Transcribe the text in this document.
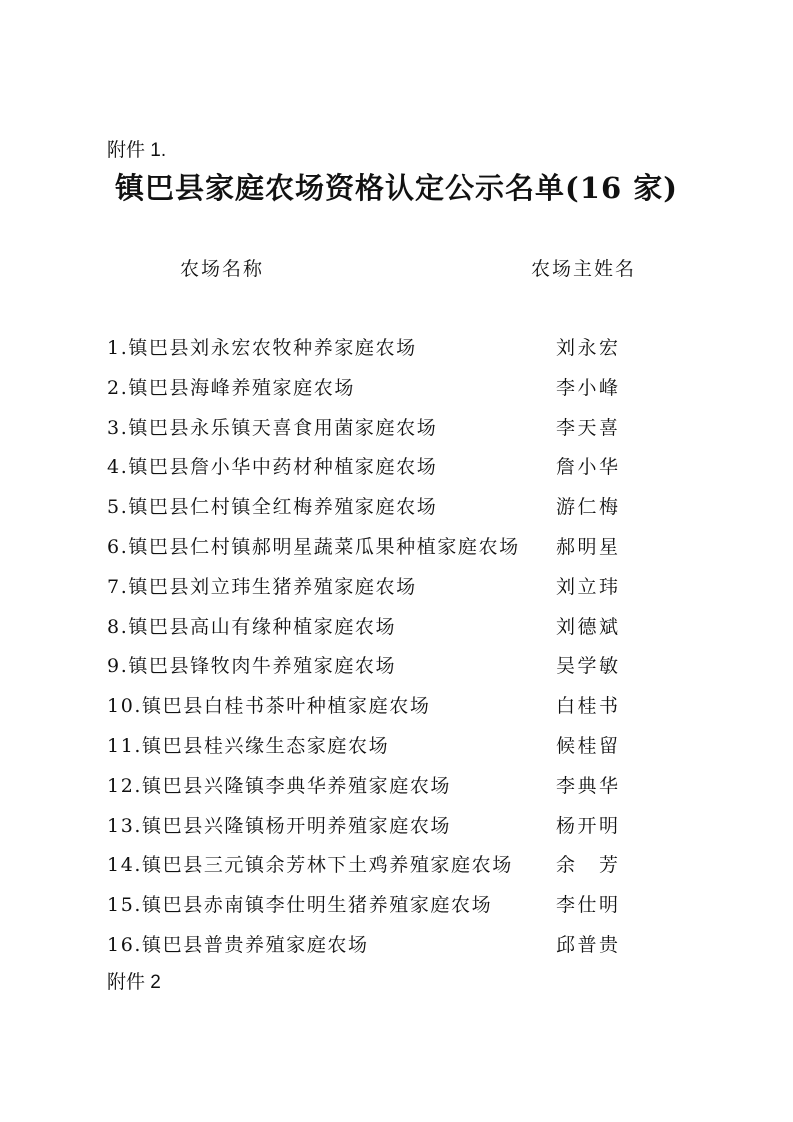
附件 1.
镇巴县家庭农场资格认定公示名单(16 家)
农场名称	农场主姓名
1.镇巴县刘永宏农牧种养家庭农场	刘永宏
2.镇巴县海峰养殖家庭农场	李小峰
3.镇巴县永乐镇天喜食用菌家庭农场	李天喜
4.镇巴县詹小华中药材种植家庭农场	詹小华
5.镇巴县仁村镇全红梅养殖家庭农场	游仁梅
6.镇巴县仁村镇郝明星蔬菜瓜果种植家庭农场 郝明星
7.镇巴县刘立玮生猪养殖家庭农场	刘立玮
8.镇巴县高山有缘种植家庭农场	刘德斌
9.镇巴县锋牧肉牛养殖家庭农场	吴学敏
10.镇巴县白桂书茶叶种植家庭农场	白桂书
11.镇巴县桂兴缘生态家庭农场	候桂留
12.镇巴县兴隆镇李典华养殖家庭农场	李典华
13.镇巴县兴隆镇杨开明养殖家庭农场	杨开明
14.镇巴县三元镇余芳林下土鸡养殖家庭农场 余 芳
15.镇巴县赤南镇李仕明生猪养殖家庭农场	李仕明
16.镇巴县普贵养殖家庭农场	邱普贵
附件 2
